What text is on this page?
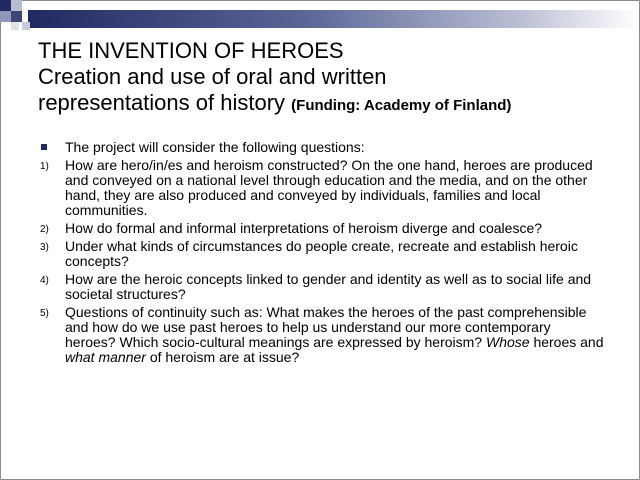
THE INVENTION OF HEROES
Creation and use of oral and written
representations of history (Funding: Academy of Finland)
The project will consider the following questions:
1) How are hero/in/es and heroism constructed? On the one hand, heroes are produced and conveyed on a national level through education and the media, and on the other hand, they are also produced and conveyed by individuals, families and local communities.
2) How do formal and informal interpretations of heroism diverge and coalesce?
3) Under what kinds of circumstances do people create, recreate and establish heroic concepts?
4) How are the heroic concepts linked to gender and identity as well as to social life and societal structures?
5) Questions of continuity such as: What makes the heroes of the past comprehensible and how do we use past heroes to help us understand our more contemporary heroes? Which socio-cultural meanings are expressed by heroism? Whose heroes and what manner of heroism are at issue?
